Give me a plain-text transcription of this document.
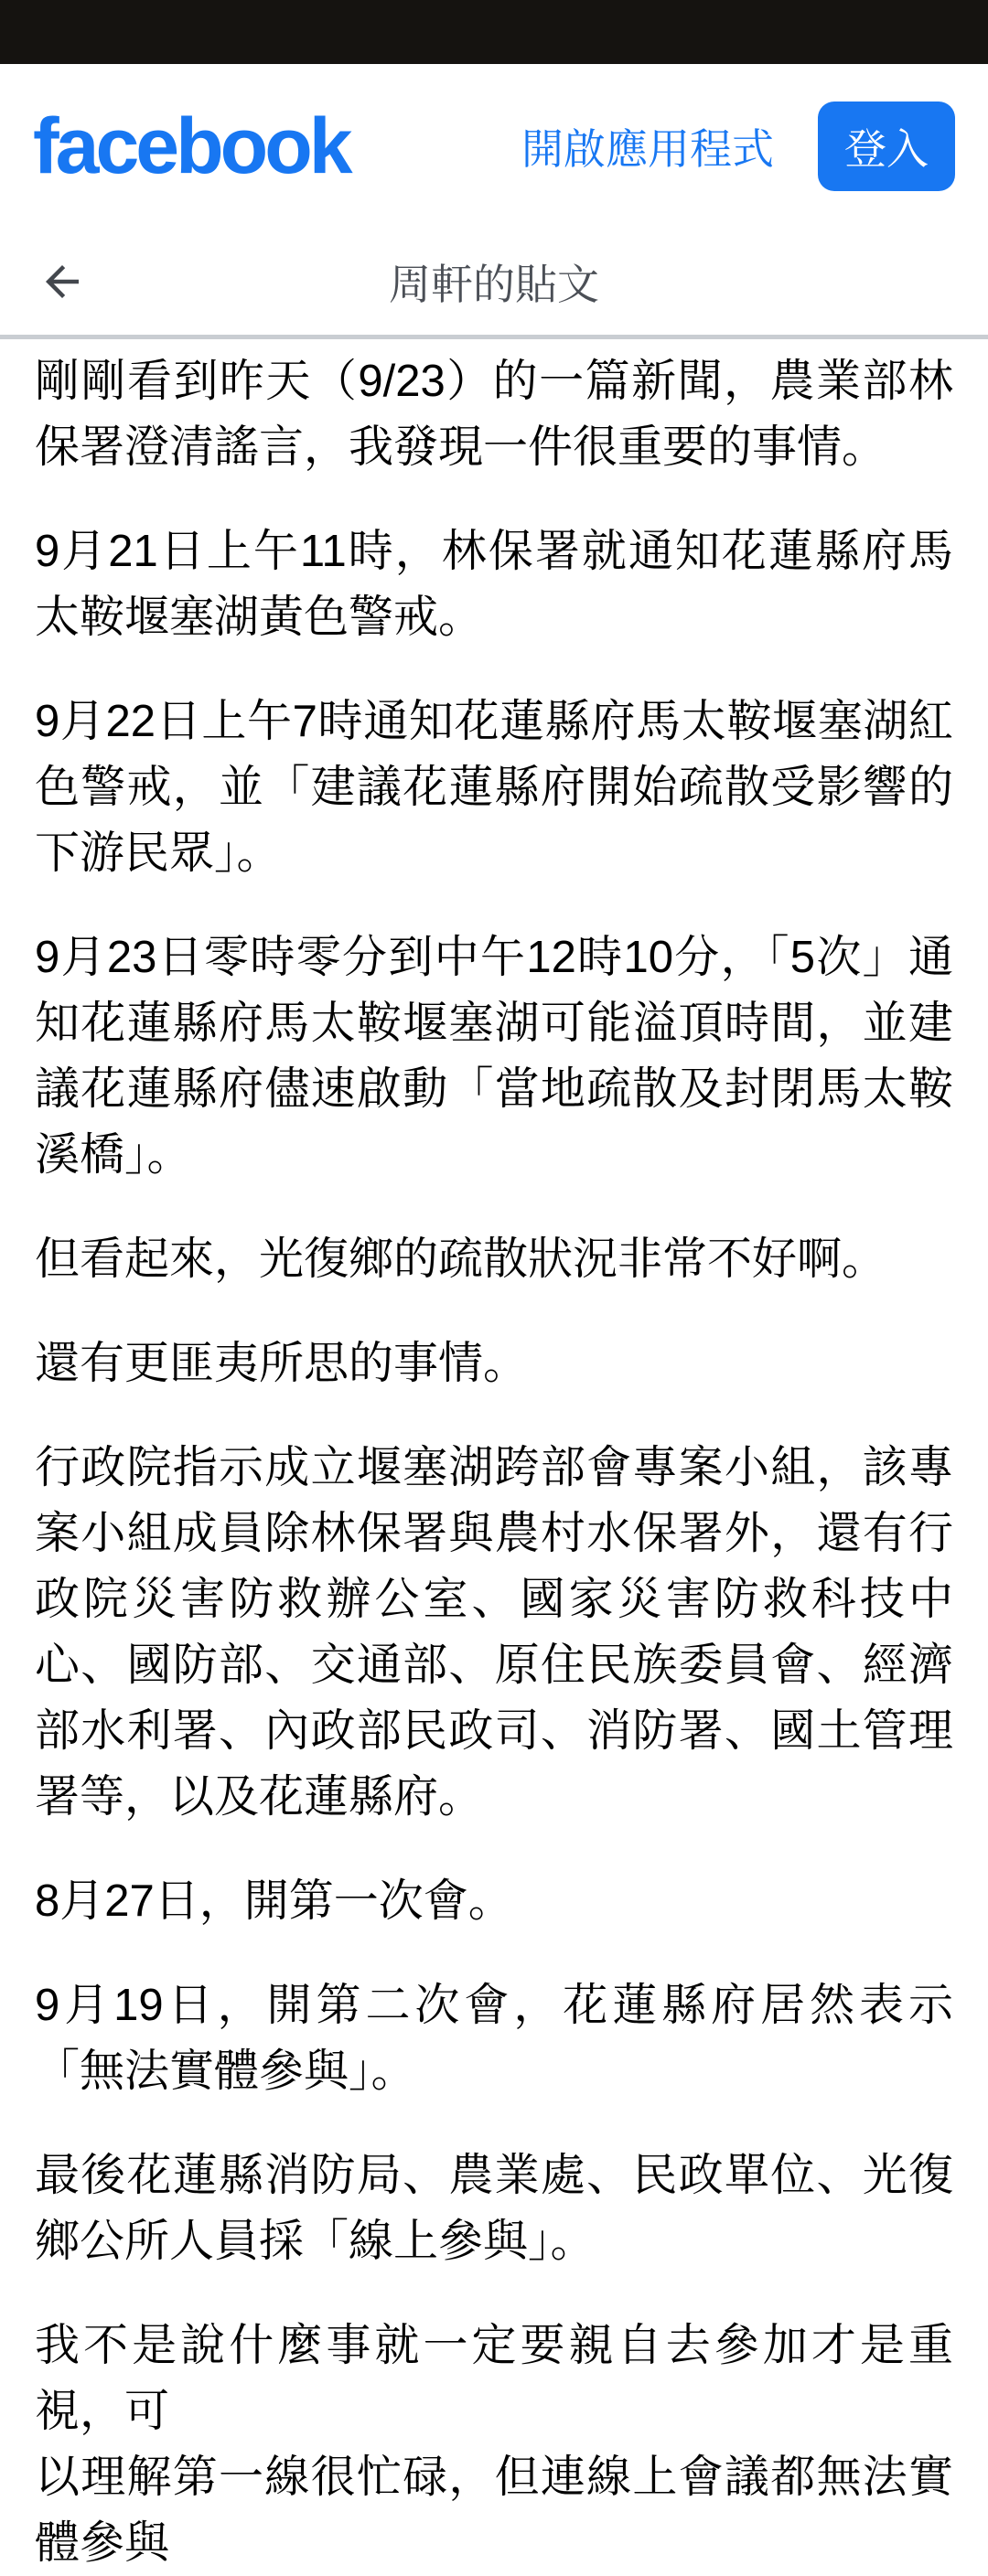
facebook	開啟應用程式	登入
周軒的貼文

剛剛看到昨天（9/23）的一篇新聞，農業部林保署澄清謠言，我發現一件很重要的事情。

9月21日上午11時，林保署就通知花蓮縣府馬太鞍堰塞湖黃色警戒。

9月22日上午7時通知花蓮縣府馬太鞍堰塞湖紅色警戒，並「建議花蓮縣府開始疏散受影響的下游民眾」。

9月23日零時零分到中午12時10分，「5次」通知花蓮縣府馬太鞍堰塞湖可能溢頂時間，並建議花蓮縣府儘速啟動「當地疏散及封閉馬太鞍溪橋」。

但看起來，光復鄉的疏散狀況非常不好啊。

還有更匪夷所思的事情。

行政院指示成立堰塞湖跨部會專案小組，該專案小組成員除林保署與農村水保署外，還有行政院災害防救辦公室、國家災害防救科技中心、國防部、交通部、原住民族委員會、經濟部水利署、內政部民政司、消防署、國土管理署等，以及花蓮縣府。

8月27日，開第一次會。

9月19日，開第二次會，花蓮縣府居然表示「無法實體參與」。

最後花蓮縣消防局、農業處、民政單位、光復鄉公所人員採「線上參與」。

我不是說什麼事就一定要親自去參加才是重視，可

以理解第一線很忙碌，但連線上會議都無法實體參與
